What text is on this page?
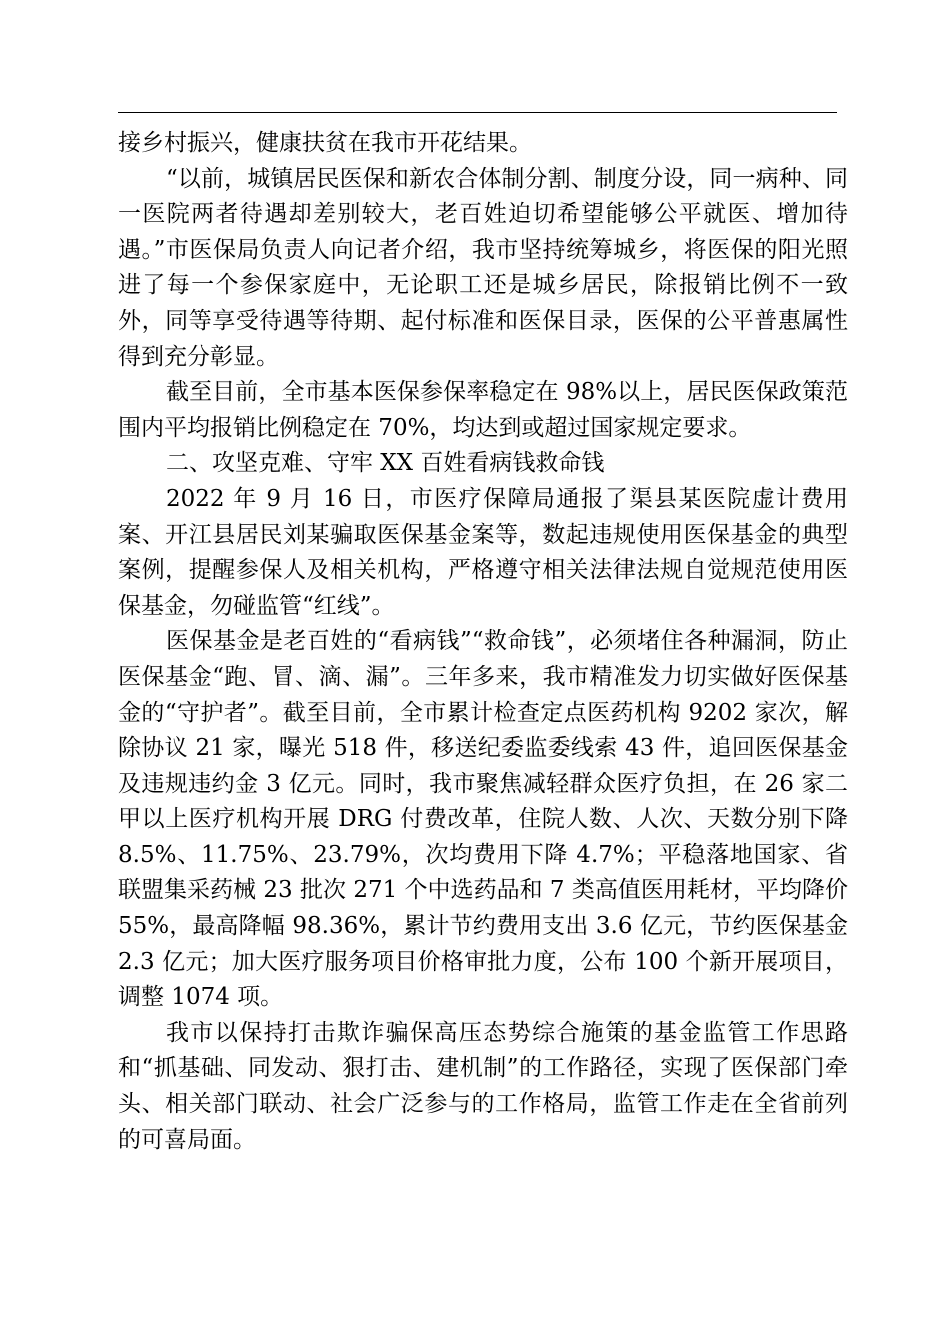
接乡村振兴，健康扶贫在我市开花结果。

“以前，城镇居民医保和新农合体制分割、制度分设，同一病种、同一医院两者待遇却差别较大，老百姓迫切希望能够公平就医、增加待遇。”市医保局负责人向记者介绍，我市坚持统筹城乡，将医保的阳光照进了每一个参保家庭中，无论职工还是城乡居民，除报销比例不一致外，同等享受待遇等待期、起付标准和医保目录，医保的公平普惠属性得到充分彰显。

截至目前，全市基本医保参保率稳定在 98%以上，居民医保政策范围内平均报销比例稳定在 70%，均达到或超过国家规定要求。

二、攻坚克难、守牢 XX 百姓看病钱救命钱

2022 年 9 月 16 日，市医疗保障局通报了渠县某医院虚计费用案、开江县居民刘某骗取医保基金案等，数起违规使用医保基金的典型案例，提醒参保人及相关机构，严格遵守相关法律法规自觉规范使用医保基金，勿碰监管“红线”。

医保基金是老百姓的“看病钱”“救命钱”，必须堵住各种漏洞，防止医保基金“跑、冒、滴、漏”。三年多来，我市精准发力切实做好医保基金的“守护者”。截至目前，全市累计检查定点医药机构 9202 家次，解除协议 21 家，曝光 518 件，移送纪委监委线索 43 件，追回医保基金及违规违约金 3 亿元。同时，我市聚焦减轻群众医疗负担，在 26 家二甲以上医疗机构开展 DRG 付费改革，住院人数、人次、天数分别下降 8.5%、11.75%、23.79%，次均费用下降 4.7%；平稳落地国家、省联盟集采药械 23 批次 271 个中选药品和 7 类高值医用耗材，平均降价 55%，最高降幅 98.36%，累计节约费用支出 3.6 亿元，节约医保基金 2.3 亿元；加大医疗服务项目价格审批力度，公布 100 个新开展项目，调整 1074 项。

我市以保持打击欺诈骗保高压态势综合施策的基金监管工作思路和“抓基础、同发动、狠打击、建机制”的工作路径，实现了医保部门牵头、相关部门联动、社会广泛参与的工作格局，监管工作走在全省前列的可喜局面。
